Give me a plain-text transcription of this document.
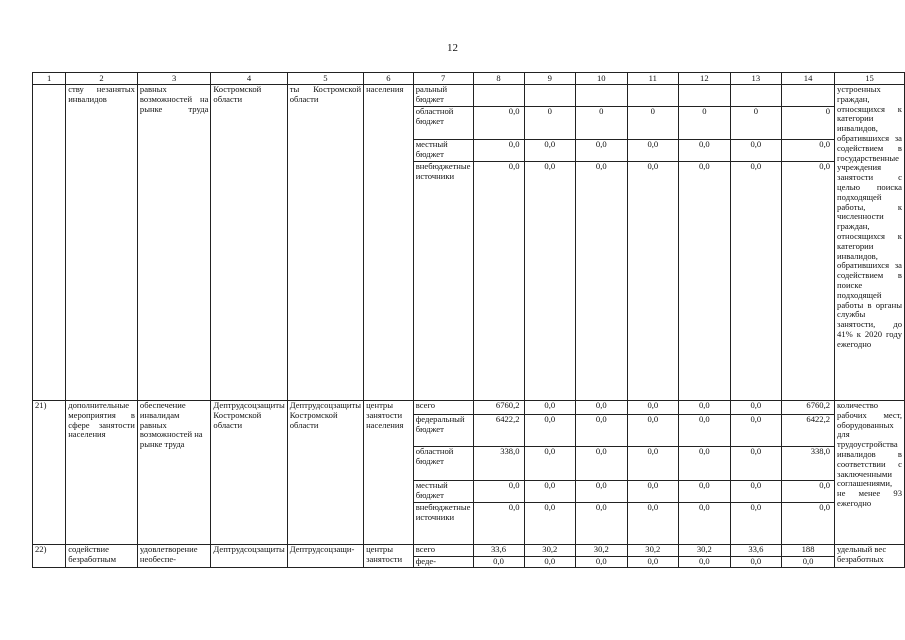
12
1	2	3	4	5	6	7	8	9	10	11	12	13	14	15
	ству незанятых инвалидов	равных возможностей на рынке труда	Костромской области	ты Костромской области	населения	ральный бюджет								устроенных граждан, относящихся к категории инвалидов, обратившихся за содействием в государственные учреждения занятости с целью поиска подходящей работы, к численности граждан, относящихся к категории инвалидов, обратившихся за содействием в поиске подходящей работы в органы службы занятости, до 41% к 2020 году ежегодно
						областной бюджет	0,0	0	0	0	0	0	0	
						местный бюджет	0,0	0,0	0,0	0,0	0,0	0,0	0,0	
						внебюджетные источники	0,0	0,0	0,0	0,0	0,0	0,0	0,0	
21)	дополнительные мероприятия в сфере занятости населения	обеспечение инвалидам равных возможностей на рынке труда	Дептрудсоцзащиты Костромской области	Дептрудсоцзащиты Костромской области	центры занятости населения	всего	6760,2	0,0	0,0	0,0	0,0	0,0	6760,2	количество рабочих мест, оборудованных для трудоустройства инвалидов в соответствии с заключенными соглашениями, не менее 93 ежегодно
						федеральный бюджет	6422,2	0,0	0,0	0,0	0,0	0,0	6422,2	
						областной бюджет	338,0	0,0	0,0	0,0	0,0	0,0	338,0	
						местный бюджет	0,0	0,0	0,0	0,0	0,0	0,0	0,0	
						внебюджетные источники	0,0	0,0	0,0	0,0	0,0	0,0	0,0	
22)	содействие безработным	удовлетворение необеспе-	Дептрудсоцзащиты	Дептрудсоцзащи-	центры занятости	всего	33,6	30,2	30,2	30,2	30,2	33,6	188	удельный вес безработных
						феде-	0,0	0,0	0,0	0,0	0,0	0,0	0,0	
